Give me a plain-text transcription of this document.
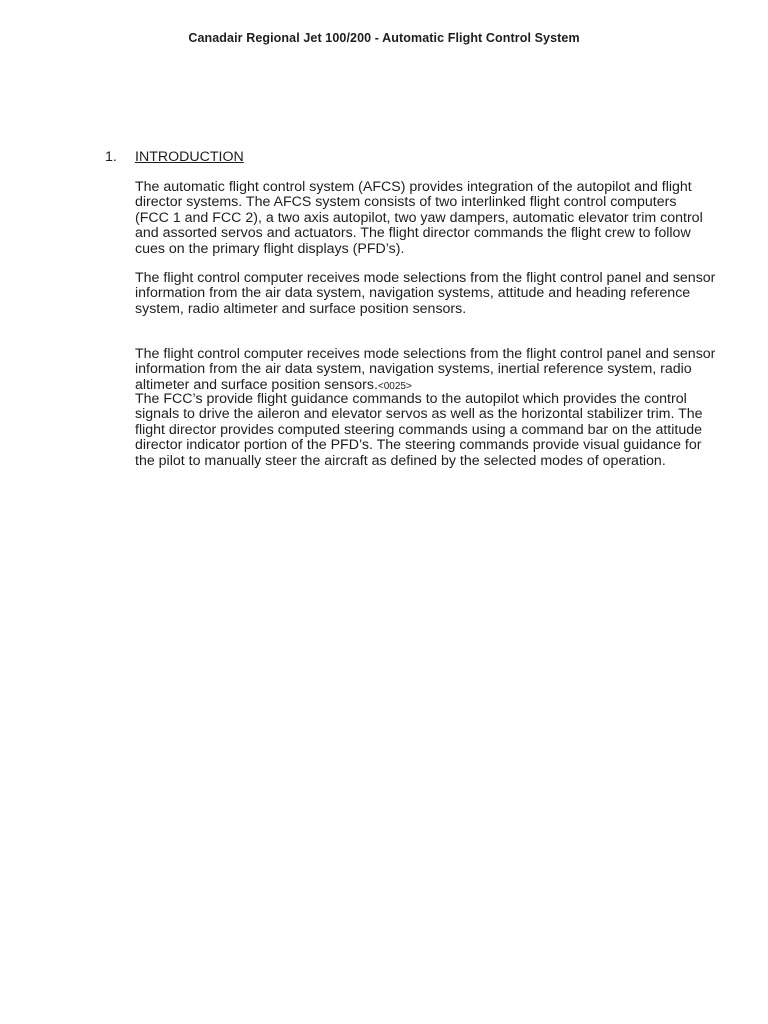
Canadair Regional Jet 100/200 - Automatic Flight Control System
1. INTRODUCTION

The automatic flight control system (AFCS) provides integration of the autopilot and flight
director systems. The AFCS system consists of two interlinked flight control computers
(FCC 1 and FCC 2), a two axis autopilot, two yaw dampers, automatic elevator trim control
and assorted servos and actuators. The flight director commands the flight crew to follow
cues on the primary flight displays (PFD’s).

The flight control computer receives mode selections from the flight control panel and sensor
information from the air data system, navigation systems, attitude and heading reference
system, radio altimeter and surface position sensors.

The flight control computer receives mode selections from the flight control panel and sensor
information from the air data system, navigation systems, inertial reference system, radio
altimeter and surface position sensors.<0025>

The FCC’s provide flight guidance commands to the autopilot which provides the control
signals to drive the aileron and elevator servos as well as the horizontal stabilizer trim. The
flight director provides computed steering commands using a command bar on the attitude
director indicator portion of the PFD’s. The steering commands provide visual guidance for
the pilot to manually steer the aircraft as defined by the selected modes of operation.
